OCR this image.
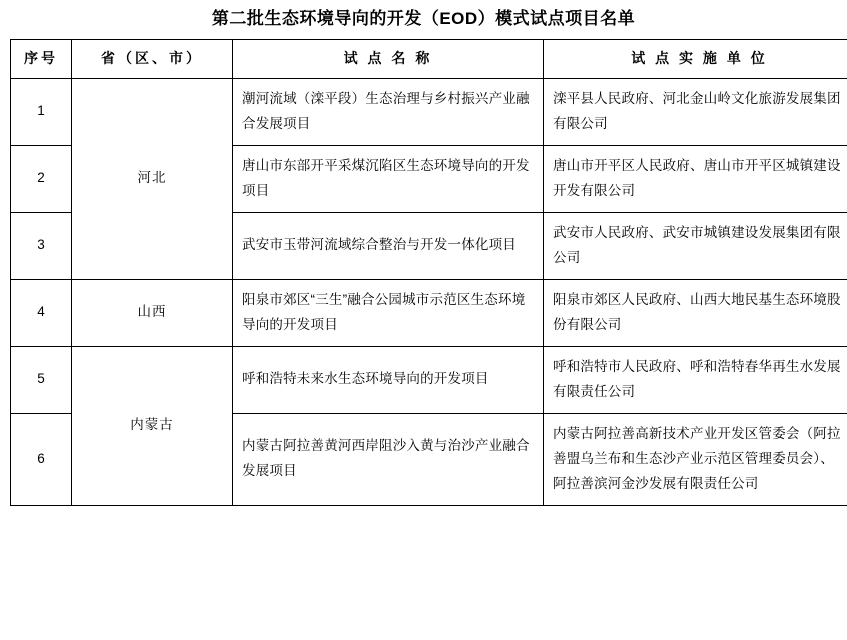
第二批生态环境导向的开发（EOD）模式试点项目名单
序号	省（区、市）	试 点 名 称	试 点 实 施 单 位
1	河北	潮河流域（滦平段）生态治理与乡村振兴产业融合发展项目	滦平县人民政府、河北金山岭文化旅游发展集团有限公司
2		唐山市东部开平采煤沉陷区生态环境导向的开发项目	唐山市开平区人民政府、唐山市开平区城镇建设开发有限公司
3		武安市玉带河流域综合整治与开发一体化项目	武安市人民政府、武安市城镇建设发展集团有限公司
4	山西	阳泉市郊区“三生”融合公园城市示范区生态环境导向的开发项目	阳泉市郊区人民政府、山西大地民基生态环境股份有限公司
5	内蒙古	呼和浩特未来水生态环境导向的开发项目	呼和浩特市人民政府、呼和浩特春华再生水发展有限责任公司
6		内蒙古阿拉善黄河西岸阻沙入黄与治沙产业融合发展项目	内蒙古阿拉善高新技术产业开发区管委会（阿拉善盟乌兰布和生态沙产业示范区管理委员会）、阿拉善滨河金沙发展有限责任公司
